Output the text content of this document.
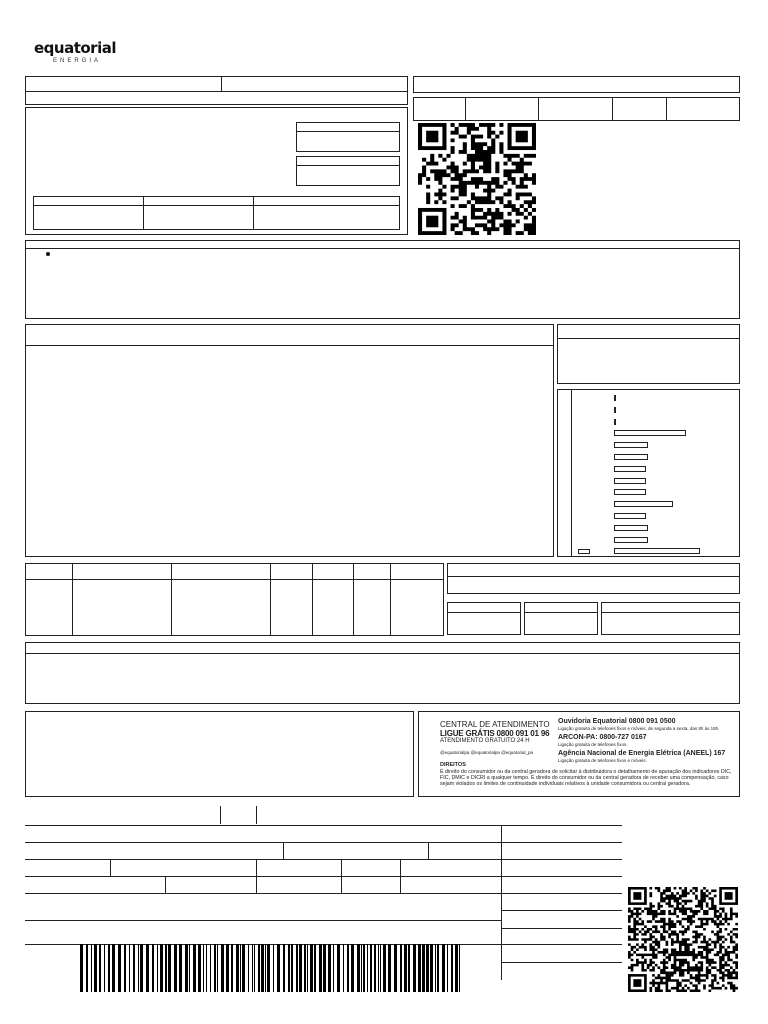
equatorial
ENERGIA
CENTRAL DE ATENDIMENTO
LIGUE GRÁTIS 0800 091 01 96
ATENDIMENTO GRATUITO 24 H
@equatorialpa @equatorialpa @equatorial_pa
Ouvidoria Equatorial 0800 091 0500
Ligação gratuita de telefones fixos e móveis, de segunda a sexta, das 8h às 18h.
ARCON-PA: 0800-727 0167
Ligação gratuita de telefones fixos.
Agência Nacional de Energia Elétrica (ANEEL) 167
Ligação gratuita de telefones fixos e móveis.
DIREITOS
É direito do consumidor ou da central geradora de solicitar à distribuidora o detalhamento de apuração dos indicadores DIC, FIC, DMIC e DICRI a qualquer tempo. É direito do consumidor ou da central geradora de receber uma compensação, caso sejam violados os limites de continuidade individuais relativos à unidade consumidora ou central geradora.
